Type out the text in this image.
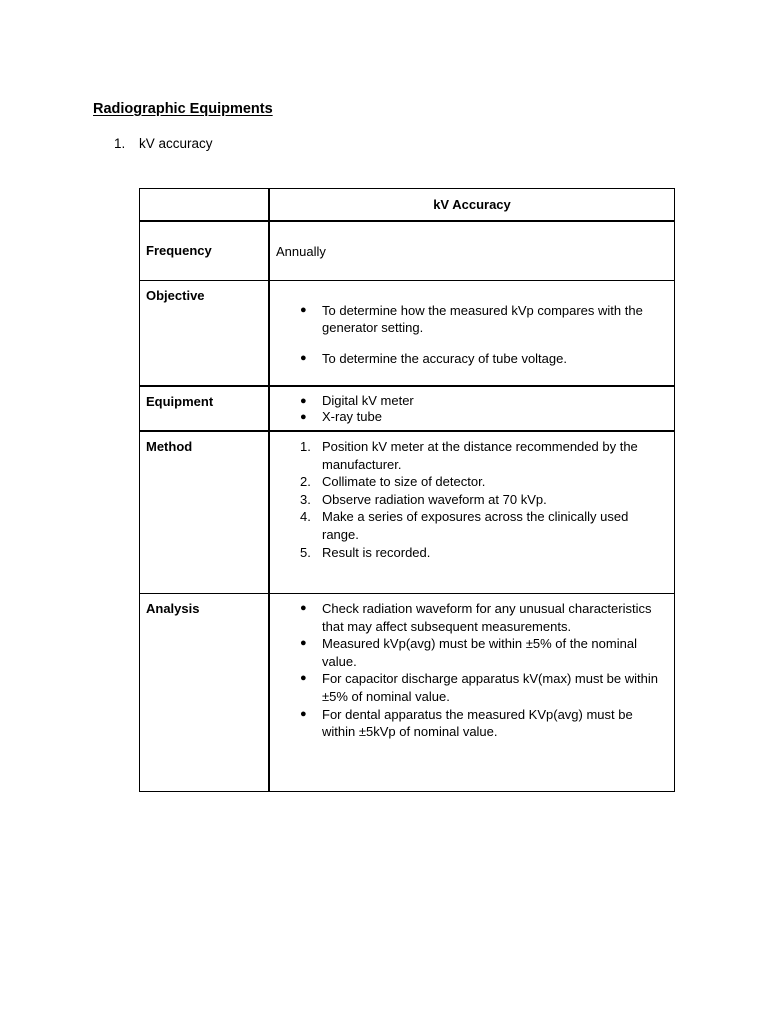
Radiographic Equipments
1. kV accuracy
kV Accuracy
Frequency	Annually
Objective
● To determine how the measured kVp compares with the generator setting.
● To determine the accuracy of tube voltage.
Equipment	● Digital kV meter
● X-ray tube
Method	1. Position kV meter at the distance recommended by the manufacturer.
2. Collimate to size of detector.
3. Observe radiation waveform at 70 kVp.
4. Make a series of exposures across the clinically used range.
5. Result is recorded.
Analysis	● Check radiation waveform for any unusual characteristics that may affect subsequent measurements.
● Measured kVp(avg) must be within ±5% of the nominal value.
● For capacitor discharge apparatus kV(max) must be within ±5% of nominal value.
● For dental apparatus the measured KVp(avg) must be within ±5kVp of nominal value.
